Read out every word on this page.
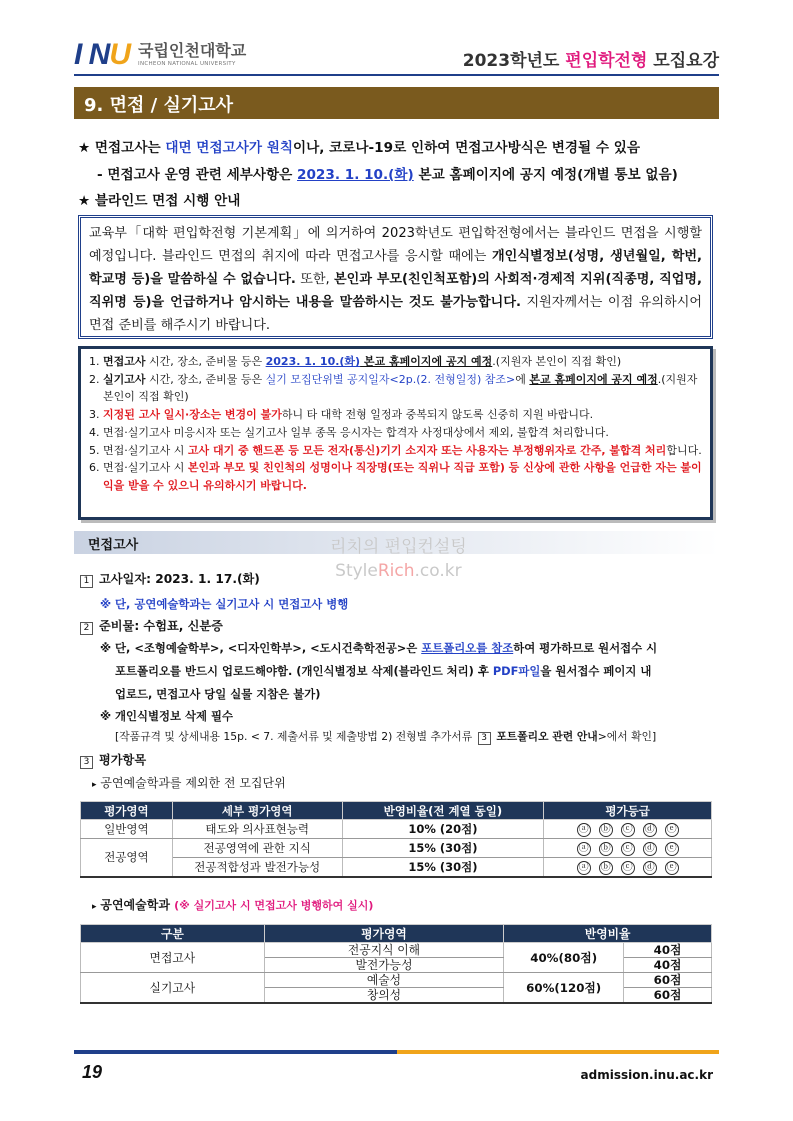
I NU 국립인천대학교
INCHEON NATIONAL UNIVERSITY	2023학년도 편입학전형 모집요강
9. 면접 / 실기고사
★ 면접고사는 대면 면접고사가 원칙이나, 코로나-19로 인하여 면접고사방식은 변경될 수 있음
- 면접고사 운영 관련 세부사항은 2023. 1. 10.(화) 본교 홈페이지에 공지 예정(개별 통보 없음)
★ 블라인드 면접 시행 안내
교육부「대학 편입학전형 기본계획」에 의거하여 2023학년도 편입학전형에서는 블라인드 면접을 시행할 예정입니다. 블라인드 면접의 취지에 따라 면접고사를 응시할 때에는 개인식별정보(성명, 생년월일, 학번, 학교명 등)을 말씀하실 수 없습니다. 또한, 본인과 부모(친인척포함)의 사회적·경제적 지위(직종명, 직업명, 직위명 등)을 언급하거나 암시하는 내용을 말씀하시는 것도 불가능합니다. 지원자께서는 이점 유의하시어 면접 준비를 해주시기 바랍니다.
1. 면접고사 시간, 장소, 준비물 등은 2023. 1. 10.(화) 본교 홈페이지에 공지 예정.(지원자 본인이 직접 확인)
2. 실기고사 시간, 장소, 준비물 등은 실기 모집단위별 공지일자<2p.(2. 전형일정) 참조>에 본교 홈페이지에 공지 예정.(지원자 본인이 직접 확인)
3. 지정된 고사 일시·장소는 변경이 불가하니 타 대학 전형 일정과 중복되지 않도록 신중히 지원 바랍니다.
4. 면접·실기고사 미응시자 또는 실기고사 일부 종목 응시자는 합격자 사정대상에서 제외, 불합격 처리합니다.
5. 면접·실기고사 시 고사 대기 중 핸드폰 등 모든 전자(통신)기기 소지자 또는 사용자는 부정행위자로 간주, 불합격 처리합니다.
6. 면접·실기고사 시 본인과 부모 및 친인척의 성명이나 직장명(또는 직위나 직급 포함) 등 신상에 관한 사항을 언급한 자는 불이익을 받을 수 있으니 유의하시기 바랍니다.
면접고사	리치의 편입컨설팅
StyleRich.co.kr
1 고사일자: 2023. 1. 17.(화)
※ 단, 공연예술학과는 실기고사 시 면접고사 병행
2 준비물: 수험표, 신분증
※ 단, <조형예술학부>, <디자인학부>, <도시건축학전공>은 포트폴리오를 참조하여 평가하므로 원서접수 시
포트폴리오를 반드시 업로드해야함. (개인식별정보 삭제(블라인드 처리) 후 PDF파일을 원서접수 페이지 내
업로드, 면접고사 당일 실물 지참은 불가)
※ 개인식별정보 삭제 필수
[작품규격 및 상세내용 15p. < 7. 제출서류 및 제출방법 2) 전형별 추가서류 3 포트폴리오 관련 안내>에서 확인]
3 평가항목
▸ 공연예술학과를 제외한 전 모집단위
평가영역	세부 평가영역	반영비율(전 계열 동일)	평가등급
일반영역	태도와 의사표현능력	10% (20점)	ⓐ ⓑ ⓒ ⓓ ⓔ
전공영역	전공영역에 관한 지식	15% (30점)	ⓐ ⓑ ⓒ ⓓ ⓔ
	전공적합성과 발전가능성	15% (30점)	ⓐ ⓑ ⓒ ⓓ ⓔ
▸ 공연예술학과 (※ 실기고사 시 면접고사 병행하여 실시)
구분	평가영역	반영비율	
면접고사	전공지식 이해	40%(80점)	40점
	발전가능성		40점
실기고사	예술성	60%(120점)	60점
	창의성		60점
19	admission.inu.ac.kr
